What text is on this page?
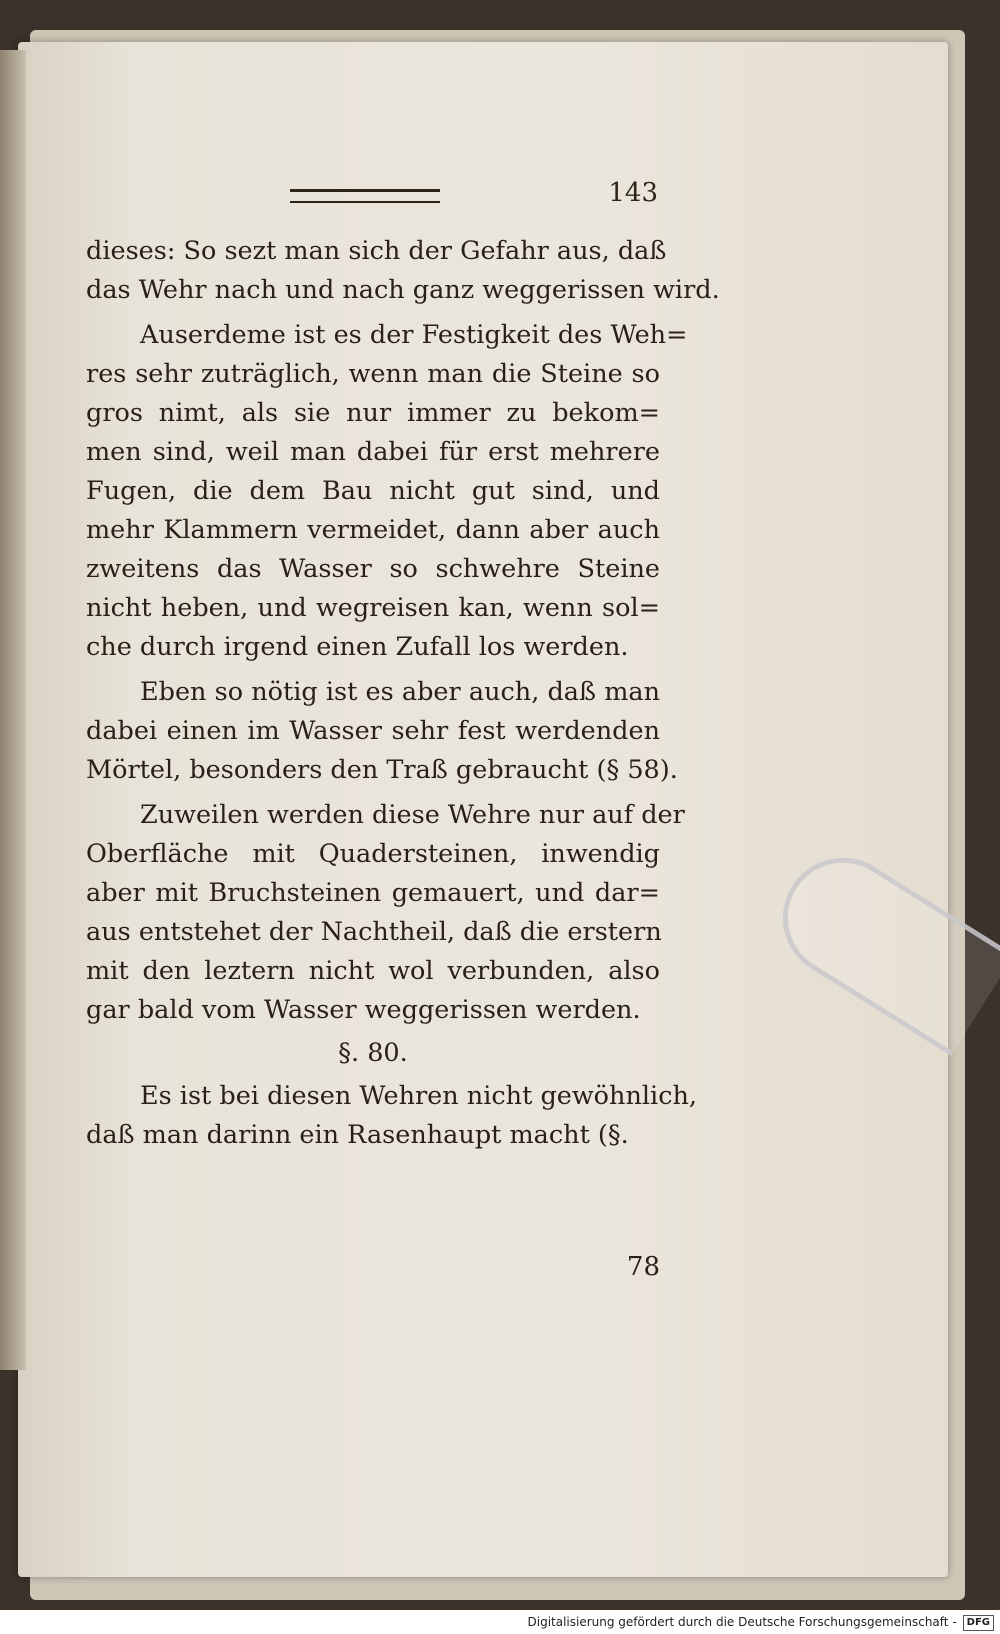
143
dieses: So sezt man sich der Gefahr aus, daß
das Wehr nach und nach ganz weggerissen wird.
Auserdeme ist es der Festigkeit des Weh=
res sehr zuträglich, wenn man die Steine so
gros nimt, als sie nur immer zu bekom=
men sind, weil man dabei für erst mehrere
Fugen, die dem Bau nicht gut sind, und
mehr Klammern vermeidet, dann aber auch
zweitens das Wasser so schwehre Steine
nicht heben, und wegreisen kan, wenn sol=
che durch irgend einen Zufall los werden.
Eben so nötig ist es aber auch, daß man
dabei einen im Wasser sehr fest werdenden
Mörtel, besonders den Traß gebraucht (§ 58).
Zuweilen werden diese Wehre nur auf der
Oberfläche mit Quadersteinen, inwendig
aber mit Bruchsteinen gemauert, und dar=
aus entstehet der Nachtheil, daß die erstern
mit den leztern nicht wol verbunden, also
gar bald vom Wasser weggerissen werden.
§. 80.
Es ist bei diesen Wehren nicht gewöhnlich,
daß man darinn ein Rasenhaupt macht (§.
78
Digitalisierung gefördert durch die Deutsche Forschungsgemeinschaft - DFG
